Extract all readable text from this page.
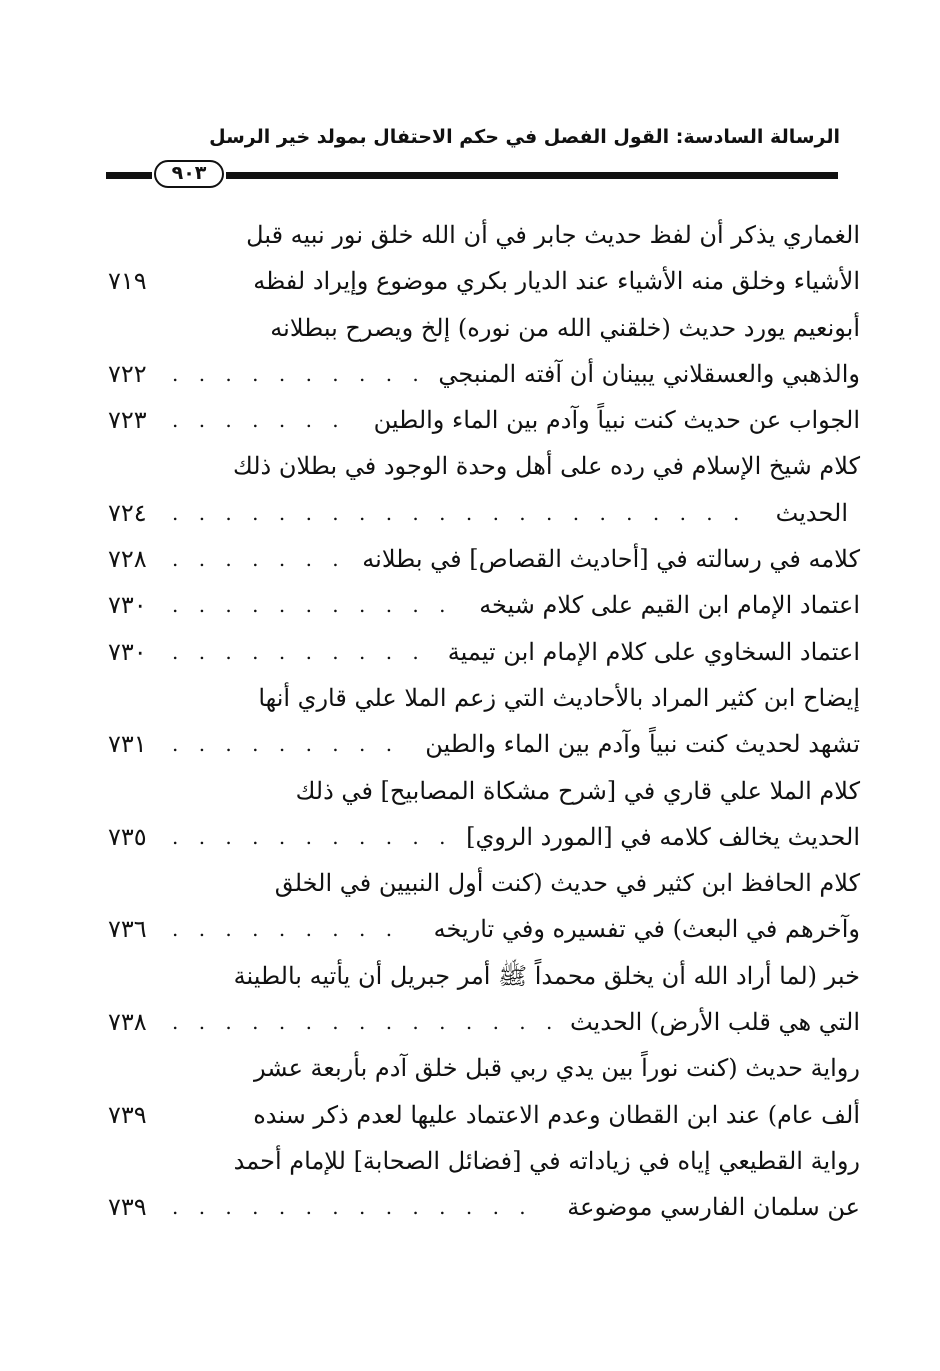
الرسالة السادسة: القول الفصل في حكم الاحتفال بمولد خير الرسل
٩٠٣
الغماري يذكر أن لفظ حديث جابر في أن الله خلق نور نبيه قبل
الأشياء وخلق منه الأشياء عند الديار بكري موضوع وإيراد لفظه
٧١٩
أبونعيم يورد حديث (خلقني الله من نوره) إلخ ويصرح ببطلانه
والذهبي والعسقلاني يبينان أن آفته المنبجي
. . . . . . . . . .
٧٢٢
الجواب عن حديث كنت نبياً وآدم بين الماء والطين
. . . . . . .
٧٢٣
كلام شيخ الإسلام في رده على أهل وحدة الوجود في بطلان ذلك
الحديث
. . . . . . . . . . . . . . . . . . . . . .
٧٢٤
كلامه في رسالته في [أحاديث القصاص] في بطلانه
. . . . . . .
٧٢٨
اعتماد الإمام ابن القيم على كلام شيخه
. . . . . . . . . . .
٧٣٠
اعتماد السخاوي على كلام الإمام ابن تيمية
. . . . . . . . . .
٧٣٠
إيضاح ابن كثير المراد بالأحاديث التي زعم الملا علي قاري أنها
تشهد لحديث كنت نبياً وآدم بين الماء والطين
. . . . . . . . .
٧٣١
كلام الملا علي قاري في [شرح مشكاة المصابيح] في ذلك
الحديث يخالف كلامه في [المورد الروي]
. . . . . . . . . . .
٧٣٥
كلام الحافظ ابن كثير في حديث (كنت أول النبيين في الخلق
وآخرهم في البعث) في تفسيره وفي تاريخه
. . . . . . . . .
٧٣٦
خبر (لما أراد الله أن يخلق محمداً ﷺ أمر جبريل أن يأتيه بالطينة
التي هي قلب الأرض) الحديث
. . . . . . . . . . . . . . .
٧٣٨
رواية حديث (كنت نوراً بين يدي ربي قبل خلق آدم بأربعة عشر
ألف عام) عند ابن القطان وعدم الاعتماد عليها لعدم ذكر سنده
٧٣٩
رواية القطيعي إياه في زياداته في [فضائل الصحابة] للإمام أحمد
عن سلمان الفارسي موضوعة
. . . . . . . . . . . . . .
٧٣٩
